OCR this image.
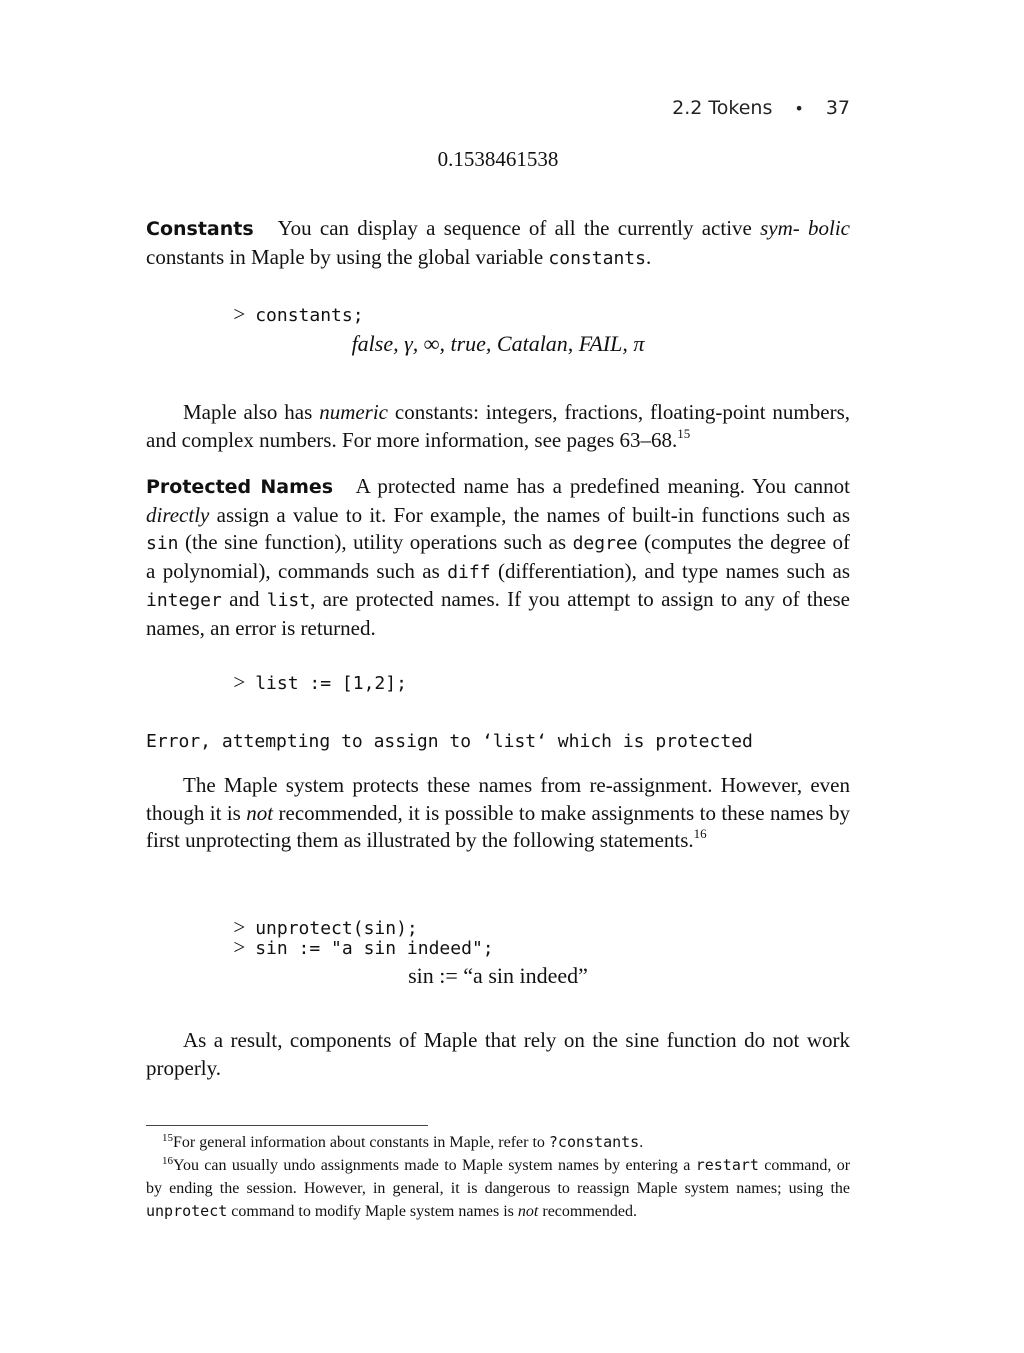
2.2 Tokens • 37
0.1538461538

Constants You can display a sequence of all the currently active sym- bolic constants in Maple by using the global variable constants.

> constants;

false, γ, ∞, true, Catalan, FAIL, π

Maple also has numeric constants: integers, fractions, floating-point numbers, and complex numbers. For more information, see pages 63–68.15

Protected Names A protected name has a predefined meaning. You cannot directly assign a value to it. For example, the names of built-in functions such as sin (the sine function), utility operations such as degree (computes the degree of a polynomial), commands such as diff (differentiation), and type names such as integer and list, are protected names. If you attempt to assign to any of these names, an error is returned.

> list := [1,2];

Error, attempting to assign to ‘list‘ which is protected

The Maple system protects these names from re-assignment. However, even though it is not recommended, it is possible to make assignments to these names by first unprotecting them as illustrated by the following statements.$^{16}$

> unprotect(sin);

> sin := "a sin indeed";

sin := “a sin indeed”

As a result, components of Maple that rely on the sine function do not work properly.

$^{15}$For general information about constants in Maple, refer to ?constants.

$^{16}$You can usually undo assignments made to Maple system names by entering a restart command, or by ending the session. However, in general, it is dangerous to reassign Maple system names; using the unprotect command to modify Maple system names is not recommended.
